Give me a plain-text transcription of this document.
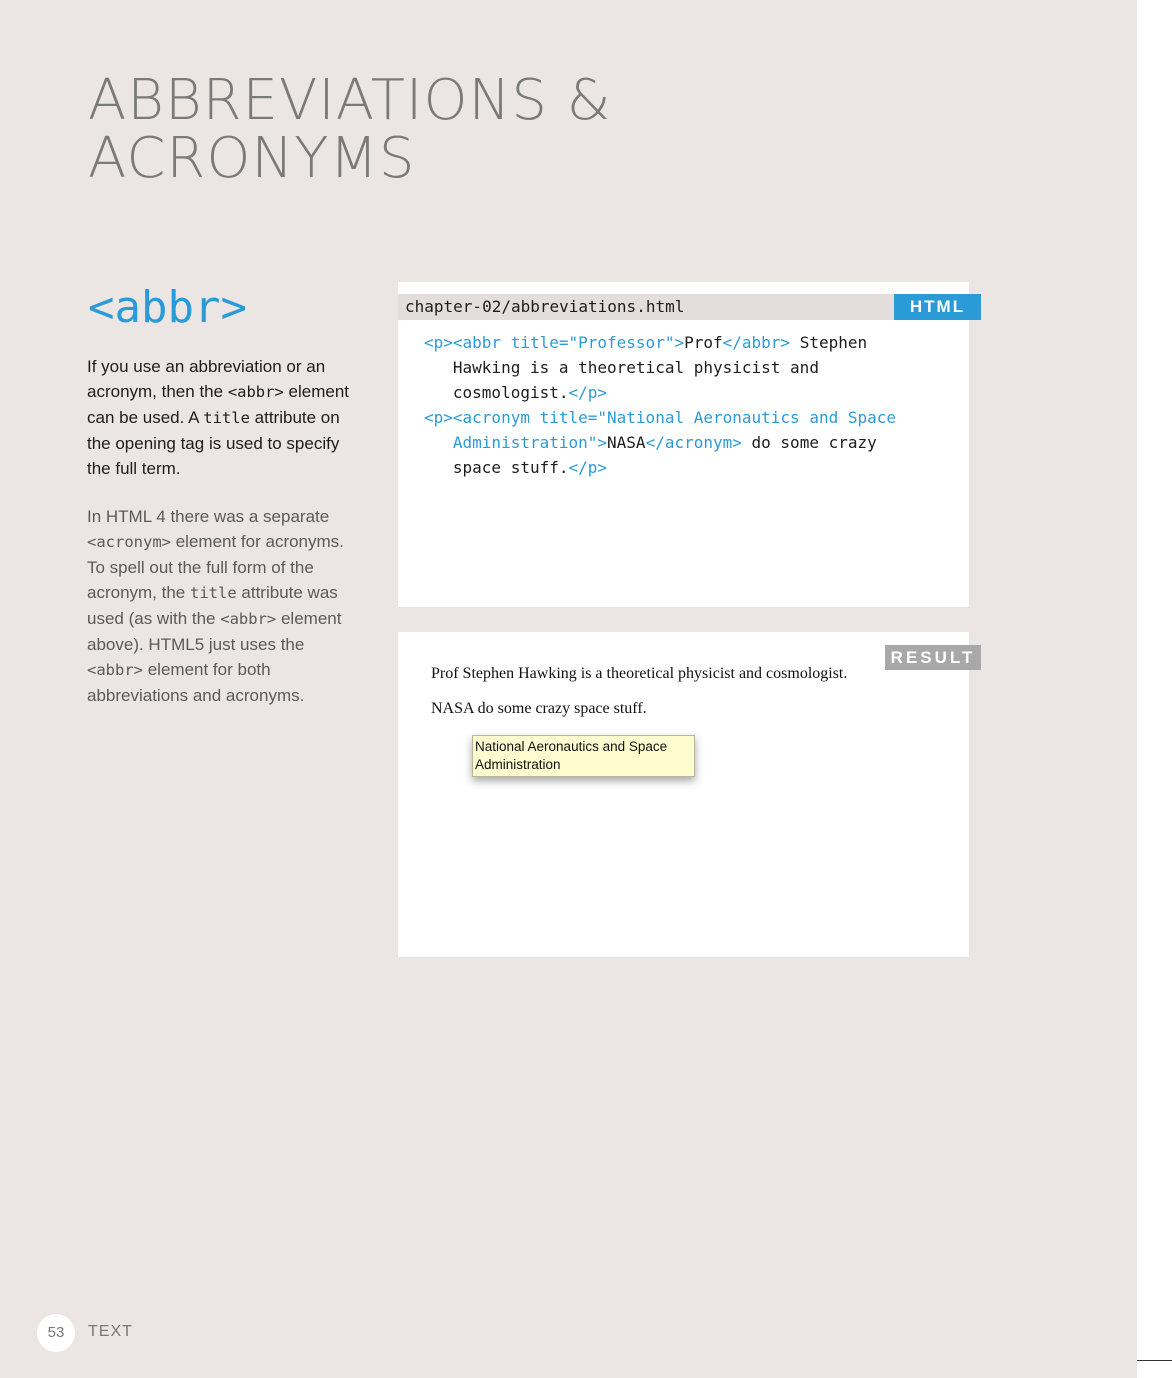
ABBREVIATIONS &
ACRONYMS
<abbr>
If you use an abbreviation or an acronym, then the <abbr> element can be used. A title attribute on the opening tag is used to specify the full term.
In HTML 4 there was a separate <acronym> element for acronyms. To spell out the full form of the acronym, the title attribute was used (as with the <abbr> element above). HTML5 just uses the <abbr> element for both abbreviations and acronyms.
chapter-02/abbreviations.html	HTML
<p><abbr title="Professor">Prof</abbr> Stephen
Hawking is a theoretical physicist and
cosmologist.</p>
<p><acronym title="National Aeronautics and Space
Administration">NASA</acronym> do some crazy
space stuff.</p>
RESULT
Prof Stephen Hawking is a theoretical physicist and cosmologist.
NASA do some crazy space stuff.
National Aeronautics and Space Administration
53	TEXT
